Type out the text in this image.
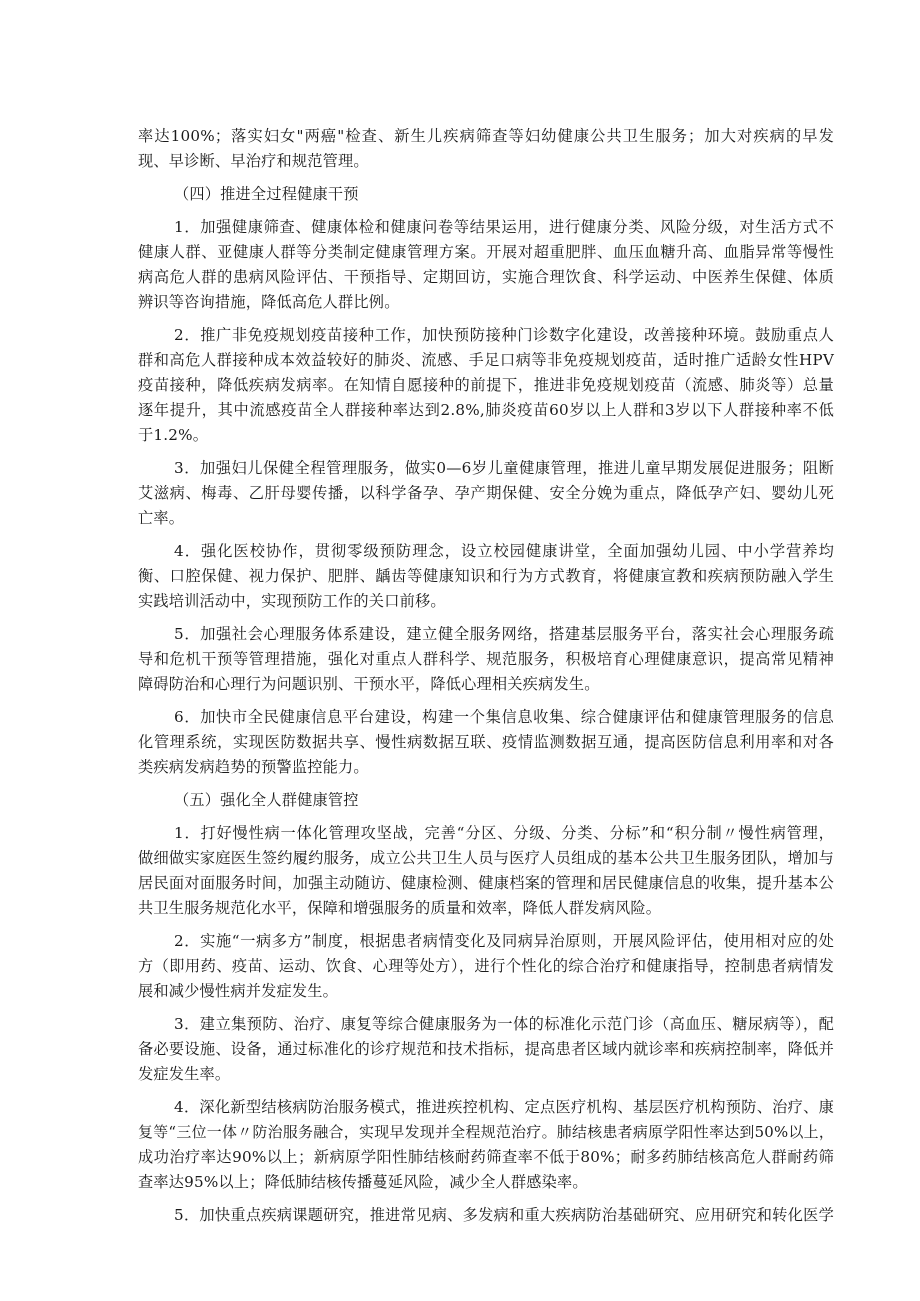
率达100%；落实妇女"两癌"检查、新生儿疾病筛查等妇幼健康公共卫生服务；加大对疾病的早发

现、早诊断、早治疗和规范管理。

（四）推进全过程健康干预

1．加强健康筛查、健康体检和健康问卷等结果运用，进行健康分类、风险分级，对生活方式不

健康人群、亚健康人群等分类制定健康管理方案。开展对超重肥胖、血压血糖升高、血脂异常等慢性

病高危人群的患病风险评估、干预指导、定期回访，实施合理饮食、科学运动、中医养生保健、体质

辨识等咨询措施，降低高危人群比例。

2．推广非免疫规划疫苗接种工作，加快预防接种门诊数字化建设，改善接种环境。鼓励重点人

群和高危人群接种成本效益较好的肺炎、流感、手足口病等非免疫规划疫苗，适时推广适龄女性HPV

疫苗接种，降低疾病发病率。在知情自愿接种的前提下，推进非免疫规划疫苗（流感、肺炎等）总量

逐年提升，其中流感疫苗全人群接种率达到2.8%,肺炎疫苗60岁以上人群和3岁以下人群接种率不低

于1.2%。

3．加强妇儿保健全程管理服务，做实0—6岁儿童健康管理，推进儿童早期发展促进服务；阻断

艾滋病、梅毒、乙肝母婴传播，以科学备孕、孕产期保健、安全分娩为重点，降低孕产妇、婴幼儿死

亡率。

4．强化医校协作，贯彻零级预防理念，设立校园健康讲堂，全面加强幼儿园、中小学营养均

衡、口腔保健、视力保护、肥胖、龋齿等健康知识和行为方式教育，将健康宣教和疾病预防融入学生

实践培训活动中，实现预防工作的关口前移。

5．加强社会心理服务体系建设，建立健全服务网络，搭建基层服务平台，落实社会心理服务疏

导和危机干预等管理措施，强化对重点人群科学、规范服务，积极培育心理健康意识，提高常见精神

障碍防治和心理行为问题识别、干预水平，降低心理相关疾病发生。

6．加快市全民健康信息平台建设，构建一个集信息收集、综合健康评估和健康管理服务的信息

化管理系统，实现医防数据共享、慢性病数据互联、疫情监测数据互通，提高医防信息利用率和对各

类疾病发病趋势的预警监控能力。

（五）强化全人群健康管控

1．打好慢性病一体化管理攻坚战，完善“分区、分级、分类、分标”和“积分制〃慢性病管理，

做细做实家庭医生签约履约服务，成立公共卫生人员与医疗人员组成的基本公共卫生服务团队，增加与

居民面对面服务时间，加强主动随访、健康检测、健康档案的管理和居民健康信息的收集，提升基本公

共卫生服务规范化水平，保障和增强服务的质量和效率，降低人群发病风险。

2．实施“一病多方”制度，根据患者病情变化及同病异治原则，开展风险评估，使用相对应的处

方（即用药、疫苗、运动、饮食、心理等处方），进行个性化的综合治疗和健康指导，控制患者病情发

展和减少慢性病并发症发生。

3．建立集预防、治疗、康复等综合健康服务为一体的标准化示范门诊（高血压、糖尿病等），配

备必要设施、设备，通过标准化的诊疗规范和技术指标，提高患者区域内就诊率和疾病控制率，降低并

发症发生率。

4．深化新型结核病防治服务模式，推进疾控机构、定点医疗机构、基层医疗机构预防、治疗、康

复等“三位一体〃防治服务融合，实现早发现并全程规范治疗。肺结核患者病原学阳性率达到50%以上，

成功治疗率达90%以上；新病原学阳性肺结核耐药筛查率不低于80%；耐多药肺结核高危人群耐药筛

查率达95%以上；降低肺结核传播蔓延风险，减少全人群感染率。

5．加快重点疾病课题研究，推进常见病、多发病和重大疾病防治基础研究、应用研究和转化医学
